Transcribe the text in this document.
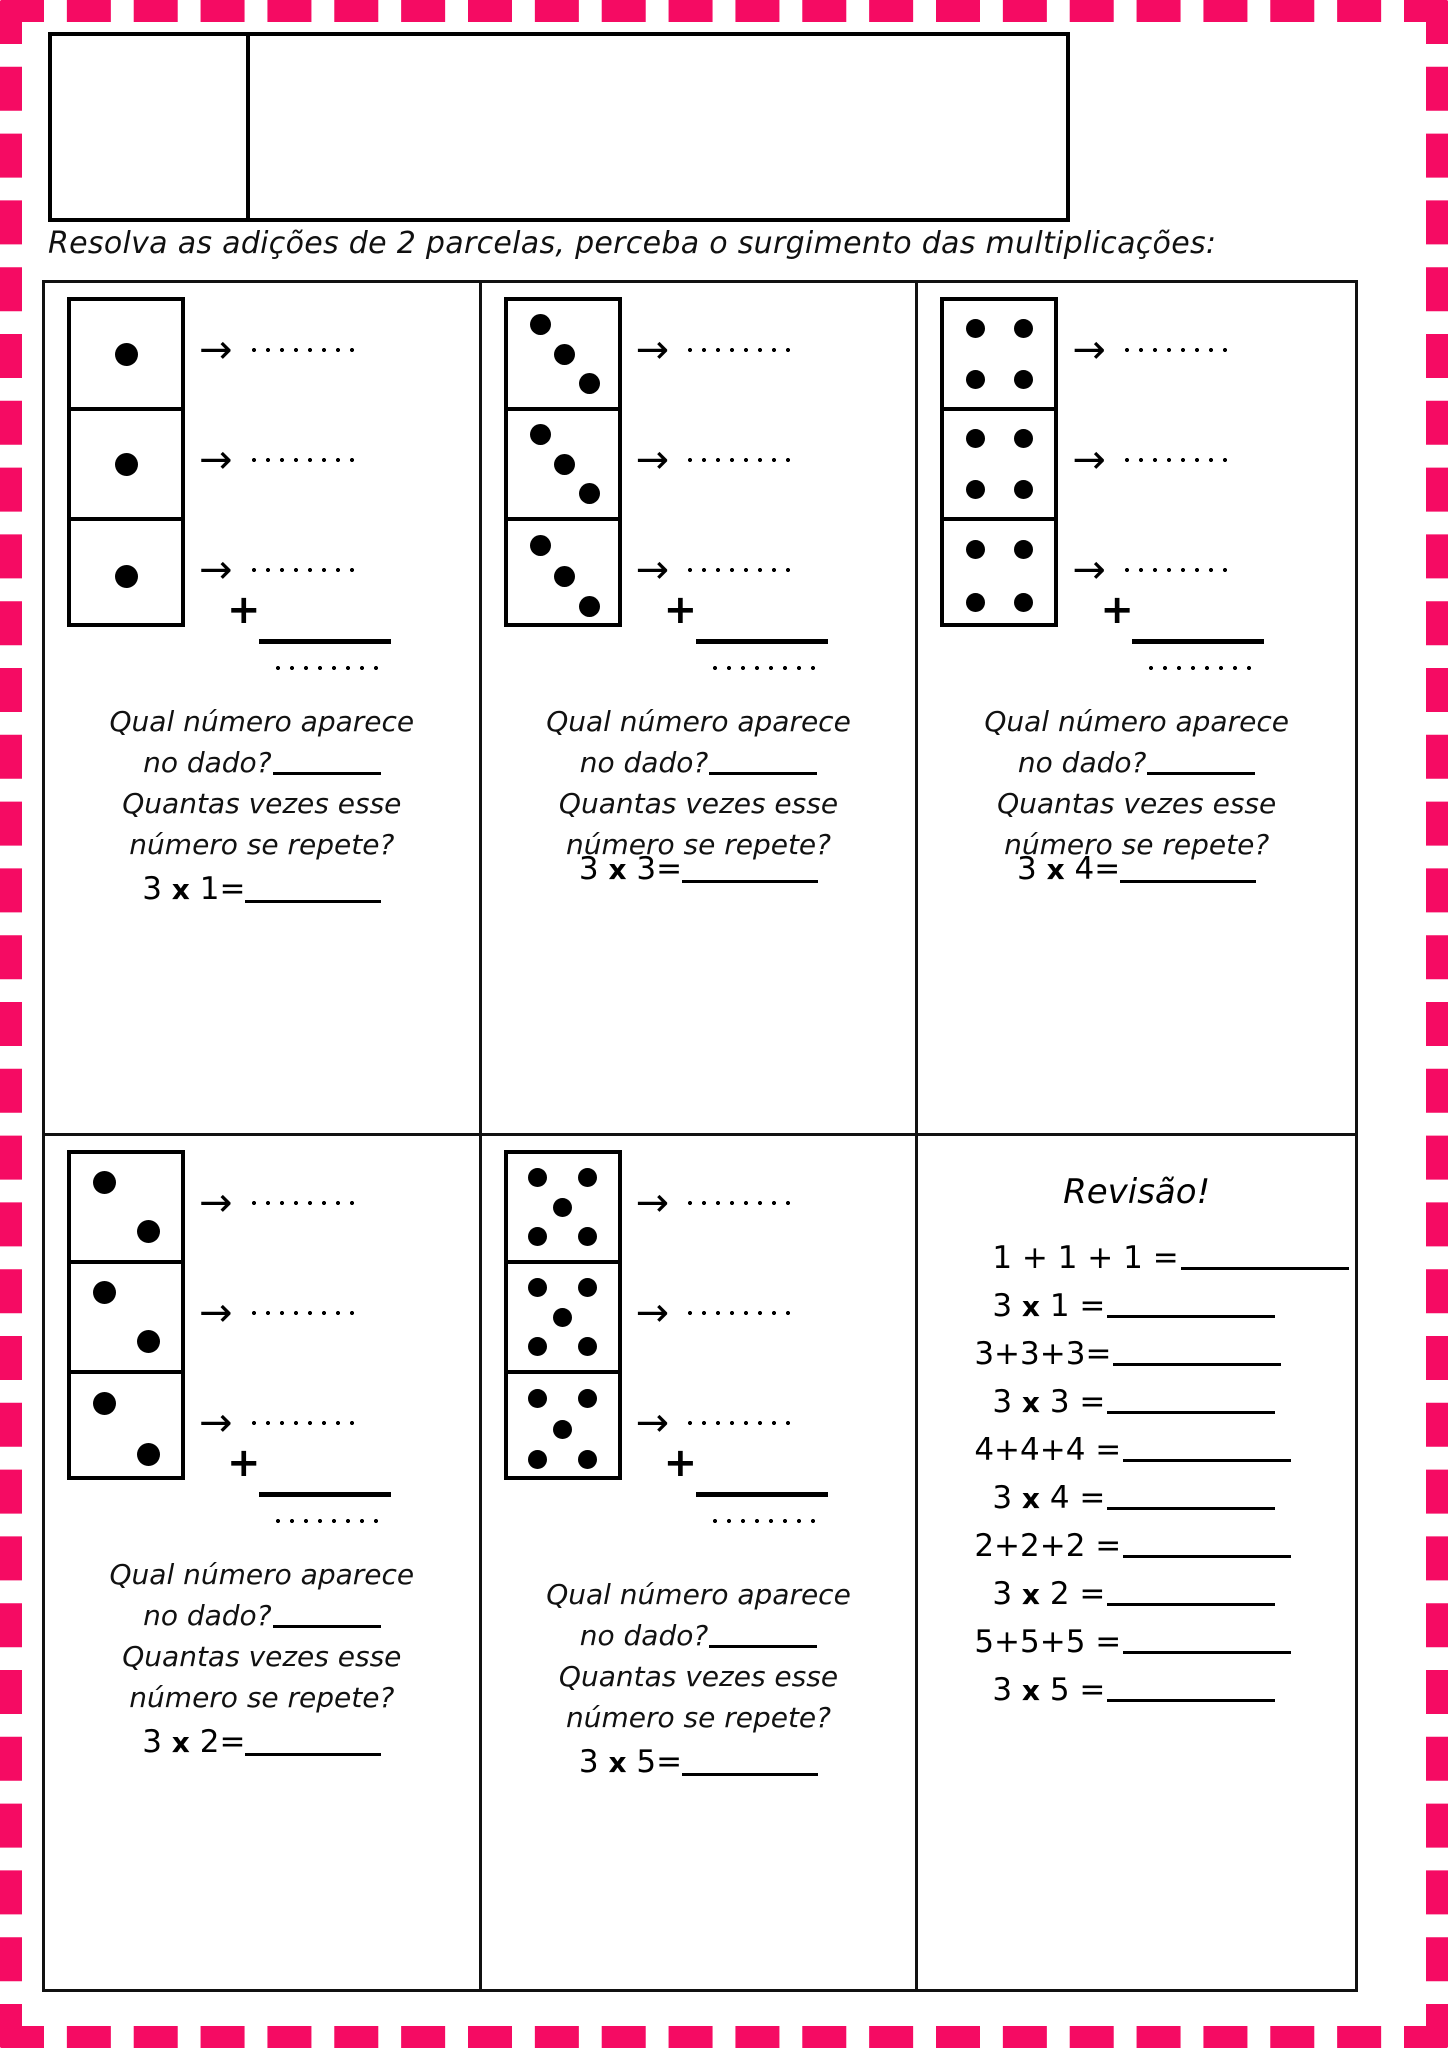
Resolva as adições de 2 parcelas, perceba o surgimento das multiplicações:
→
→
→
+
Qual número aparece
no dado?
Quantas vezes esse
número se repete?
3 x 1=
→
→
→
+
Qual número aparece
no dado?
Quantas vezes esse
número se repete?
3 x 3=
→
→
→
+
Qual número aparece
no dado?
Quantas vezes esse
número se repete?
3 x 4=
→
→
→
+
Qual número aparece
no dado?
Quantas vezes esse
número se repete?
3 x 2=
→
→
→
+
Qual número aparece
no dado?
Quantas vezes esse
número se repete?
3 x 5=
Revisão!
1 + 1 + 1 =
3 x 1 =
3+3+3=
3 x 3 =
4+4+4 =
3 x 4 =
2+2+2 =
3 x 2 =
5+5+5 =
3 x 5 =
